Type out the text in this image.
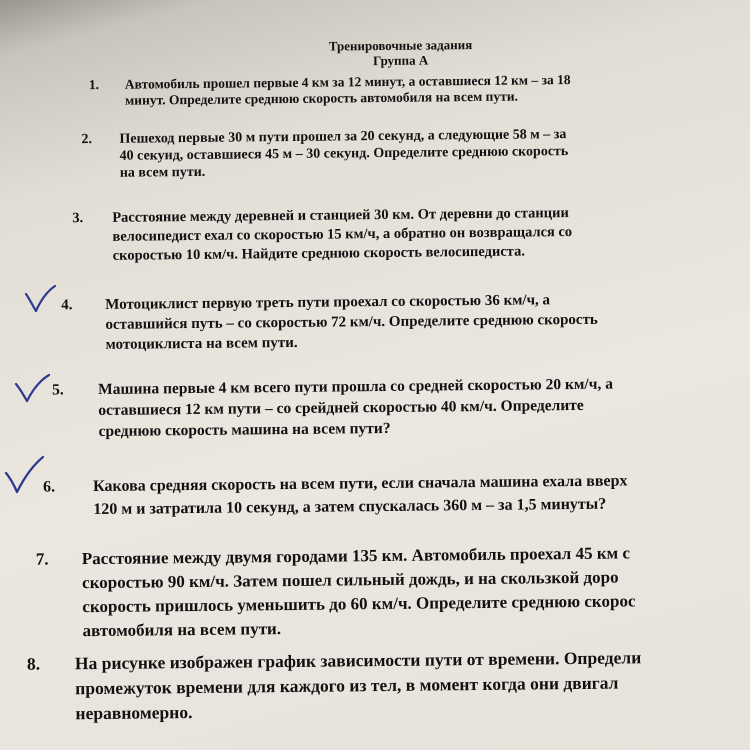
Тренировочные задания
Группа А
1. Автомобиль прошел первые 4 км за 12 минут, а оставшиеся 12 км – за 18
минут. Определите среднюю скорость автомобиля на всем пути.
2. Пешеход первые 30 м пути прошел за 20 секунд, а следующие 58 м – за
40 секунд, оставшиеся 45 м – 30 секунд. Определите среднюю скорость
на всем пути.
3. Расстояние между деревней и станцией 30 км. От деревни до станции
велосипедист ехал со скоростью 15 км/ч, а обратно он возвращался со
скоростью 10 км/ч. Найдите среднюю скорость велосипедиста.
4. Мотоциклист первую треть пути проехал со скоростью 36 км/ч, а
оставшийся путь – со скоростью 72 км/ч. Определите среднюю скорость
мотоциклиста на всем пути.
5. Машина первые 4 км всего пути прошла со средней скоростью 20 км/ч, а
оставшиеся 12 км пути – со срейдней скоростью 40 км/ч. Определите
среднюю скорость машина на всем пути?
6. Какова средняя скорость на всем пути, если сначала машина ехала вверх
120 м и затратила 10 секунд, а затем спускалась 360 м – за 1,5 минуты?
7. Расстояние между двумя городами 135 км. Автомобиль проехал 45 км с
скоростью 90 км/ч. Затем пошел сильный дождь, и на скользкой доро
скорость пришлось уменьшить до 60 км/ч. Определите среднюю скорос
автомобиля на всем пути.
8. На рисунке изображен график зависимости пути от времени. Определи
промежуток времени для каждого из тел, в момент когда они двигал
неравномерно.
